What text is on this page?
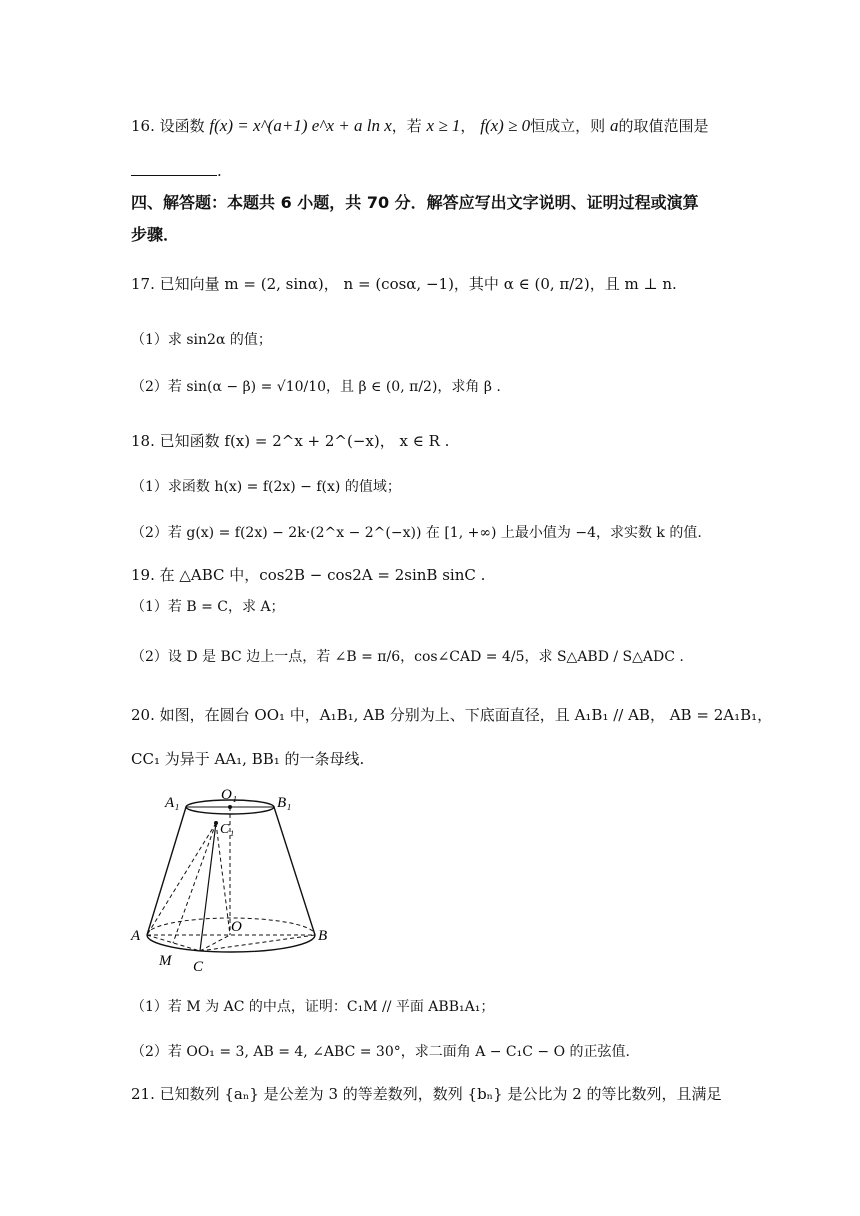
16. 设函数 f(x) = x^(a+1) e^x + a ln x，若 x ≥ 1， f(x) ≥ 0恒成立，则 a的取值范围是
.
四、解答题：本题共 6 小题，共 70 分．解答应写出文字说明、证明过程或演算
步骤．
17. 已知向量 m = (2, sinα)， n = (cosα, −1)，其中 α ∈ (0, π/2)，且 m ⊥ n.
（1）求 sin2α 的值；
（2）若 sin(α − β) = √10/10，且 β ∈ (0, π/2)，求角 β .
18. 已知函数 f(x) = 2^x + 2^(−x)， x ∈ R .
（1）求函数 h(x) = f(2x) − f(x) 的值域；
（2）若 g(x) = f(2x) − 2k·(2^x − 2^(−x)) 在 [1, +∞) 上最小值为 −4，求实数 k 的值.
19. 在 △ABC 中，cos2B − cos2A = 2sinB sinC .
（1）若 B = C，求 A；
（2）设 D 是 BC 边上一点，若 ∠B = π/6，cos∠CAD = 4/5，求 S△ABD / S△ADC .
20. 如图，在圆台 OO₁ 中，A₁B₁, AB 分别为上、下底面直径，且 A₁B₁ // AB， AB = 2A₁B₁，
CC₁ 为异于 AA₁, BB₁ 的一条母线.
A₁	O₁	B₁
C₁
A
O
B
M C
（1）若 M 为 AC 的中点，证明：C₁M // 平面 ABB₁A₁；
（2）若 OO₁ = 3, AB = 4, ∠ABC = 30°，求二面角 A − C₁C − O 的正弦值.
21. 已知数列 {aₙ} 是公差为 3 的等差数列，数列 {bₙ} 是公比为 2 的等比数列，且满足
